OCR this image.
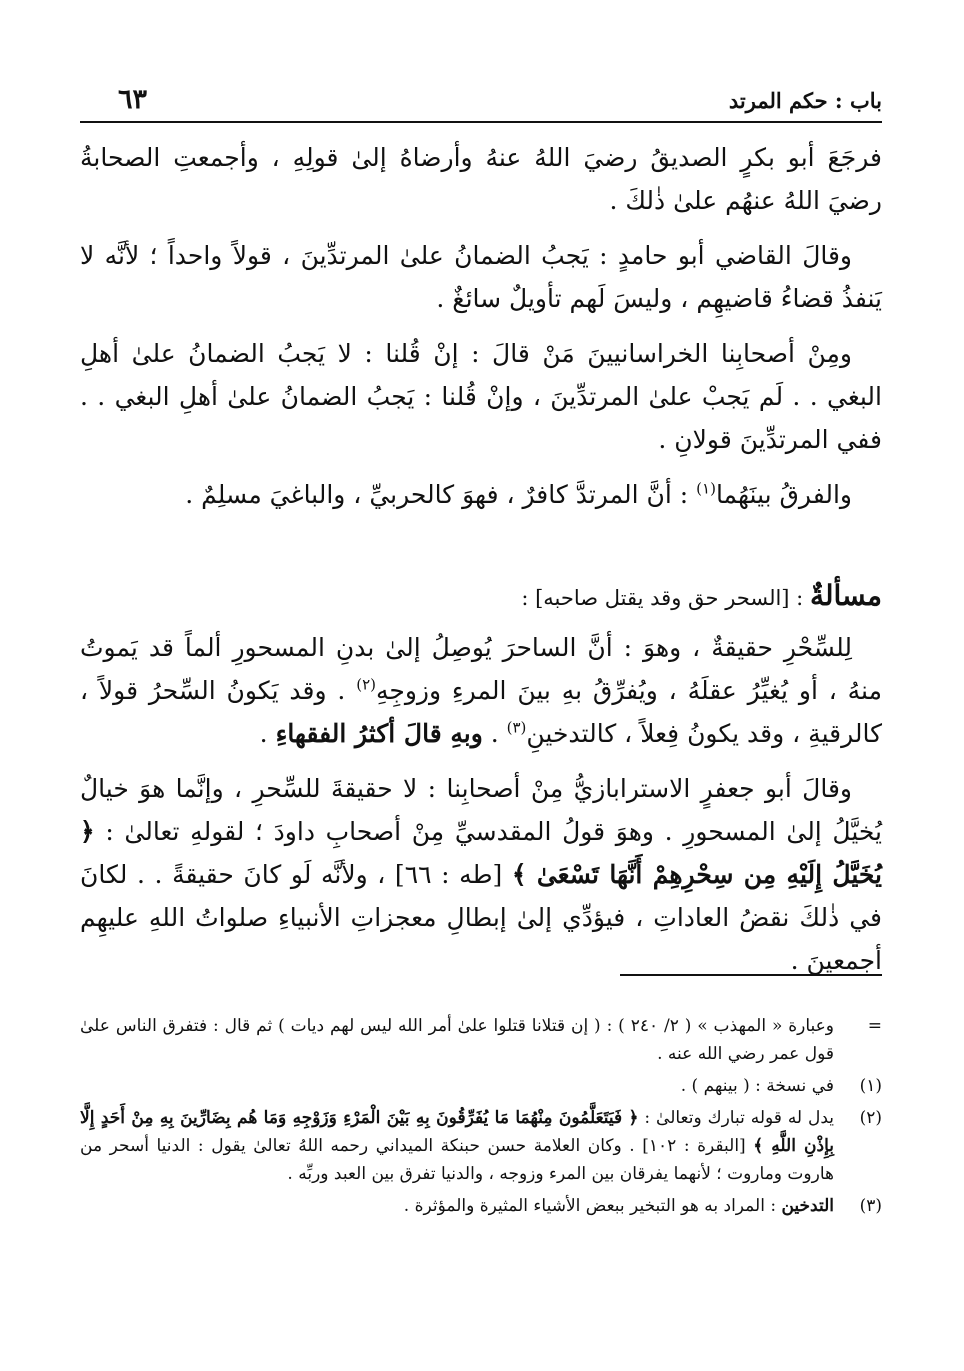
باب : حكم المرتد
٦٣

فرجَعَ أبو بكرٍ الصديقُ رضيَ اللهُ عنهُ وأرضاهُ إلىٰ قولِهِ ، وأجمعتِ الصحابةُ رضيَ اللهُ عنهُم علىٰ ذٰلكَ .

وقالَ القاضي أبو حامدٍ : يَجبُ الضمانُ علىٰ المرتدِّينَ ، قولاً واحداً ؛ لأنَّه لا يَنفذُ قضاءُ قاضيهِم ، وليسَ لَهم تأويلٌ سائغٌ .

ومِنْ أصحابِنا الخراسانيينَ مَنْ قالَ : إنْ قُلنا : لا يَجبُ الضمانُ علىٰ أهلِ البغي . . لَم يَجبْ علىٰ المرتدِّينَ ، وإنْ قُلنا : يَجبُ الضمانُ علىٰ أهلِ البغي . . ففي المرتدِّينَ قولانِ .

والفرقُ بينَهُما$^{(١)}$ : أنَّ المرتدَّ كافرٌ ، فهوَ كالحربيِّ ، والباغيَ مسلِمٌ .

مسألةٌ : [السحر حق وقد يقتل صاحبه] :

لِلسِّحْرِ حقيقةٌ ، وهوَ : أنَّ الساحرَ يُوصِلُ إلىٰ بدنِ المسحورِ ألماً قد يَموتُ منهُ ، أو يُغيِّرُ عقلَهُ ، ويُفرِّقُ بهِ بينَ المرءِ وزوجِهِ$^{(٢)}$ . وقد يَكونُ السِّحرُ قولاً ، كالرقيةِ ، وقد يكونُ فِعلاً ، كالتدخينِ$^{(٣)}$ . وبهِ قالَ أكثرُ الفقهاءِ .

وقالَ أبو جعفرٍ الاسترابازيُّ مِنْ أصحابِنا : لا حقيقةَ للسِّحرِ ، وإنَّما هوَ خيالٌ يُخيَّلُ إلىٰ المسحورِ . وهوَ قولُ المقدسيِّ مِنْ أصحابِ داودَ ؛ لقولهِ تعالىٰ : ﴿ يُخَيَّلُ إِلَيْهِ مِن سِحْرِهِمْ أَنَّهَا تَسْعَىٰ ﴾ [طه : ٦٦] ، ولأنَّه لَو كانَ حقيقةً . . لكانَ في ذٰلكَ نقضُ العاداتِ ، فيؤدِّي إلىٰ إبطالِ معجزاتِ الأنبياءِ صلواتُ اللهِ عليهِم أجمعينَ .

=
وعبارة « المهذب » ( ٢/ ٢٤٠ ) : ( إن قتلانا قتلوا علىٰ أمر الله ليس لهم ديات ) ثم قال : فتفرق الناس علىٰ قول عمر رضي الله عنه .
(١)
في نسخة : ( بينهم ) .
(٢)
يدل له قوله تبارك وتعالىٰ : ﴿ فَيَتَعَلَّمُونَ مِنْهُمَا مَا يُفَرِّقُونَ بِهِ بَيْنَ الْمَرْءِ وَزَوْجِهِ وَمَا هُم بِضَارِّينَ بِهِ مِنْ أَحَدٍ إِلَّا بِإِذْنِ اللَّهِ ﴾ [البقرة : ١٠٢] . وكان العلامة حسن حبنكة الميداني رحمه اللهُ تعالىٰ يقول : الدنيا أسحر من هاروت وماروت ؛ لأنهما يفرقان بين المرء وزوجه ، والدنيا تفرق بين العبد وربِّه .
(٣)
التدخين : المراد به هو التبخير ببعض الأشياء المثيرة والمؤثرة .
